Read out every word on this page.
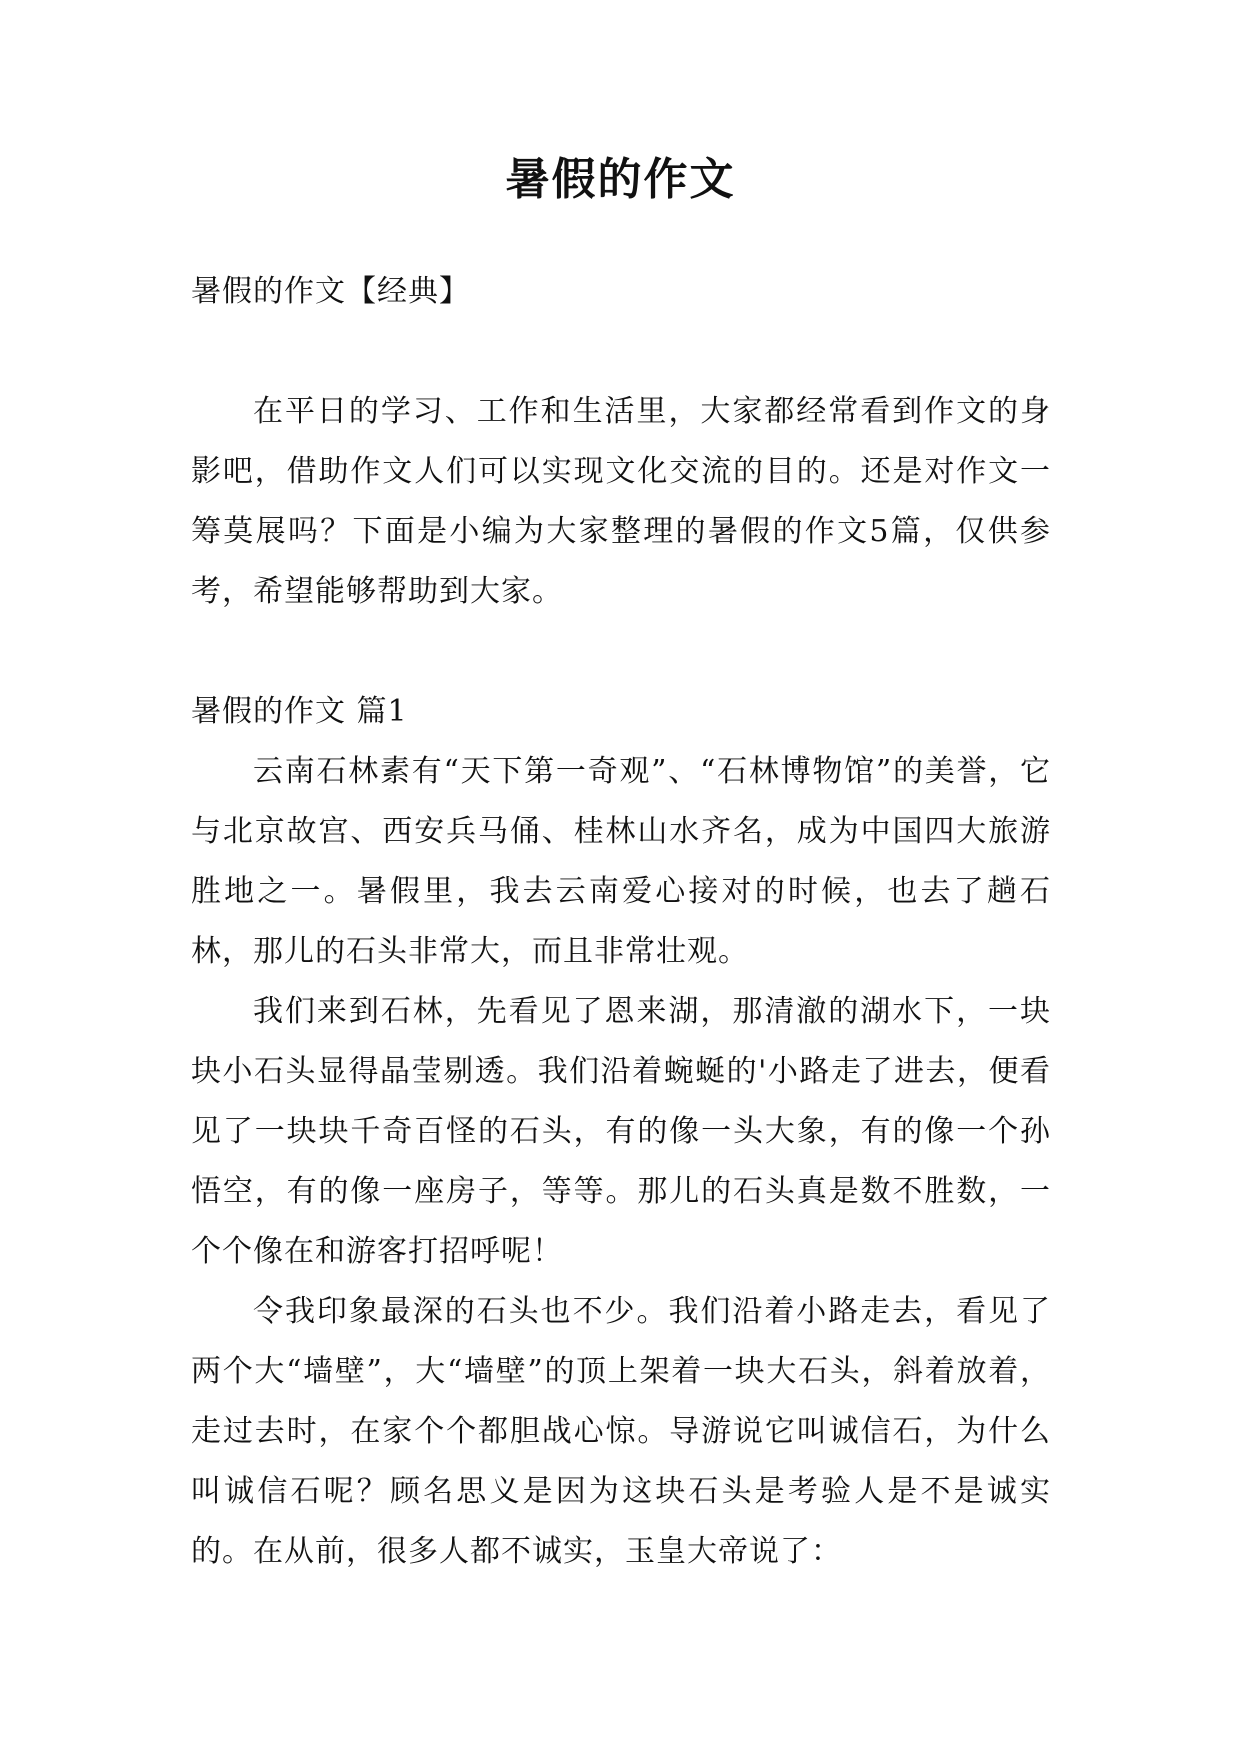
暑假的作文

暑假的作文【经典】

在平日的学习、工作和生活里，大家都经常看到作文的身影吧，借助作文人们可以实现文化交流的目的。还是对作文一筹莫展吗？下面是小编为大家整理的暑假的作文5篇，仅供参考，希望能够帮助到大家。

暑假的作文 篇1

云南石林素有“天下第一奇观”、“石林博物馆”的美誉，它与北京故宫、西安兵马俑、桂林山水齐名，成为中国四大旅游胜地之一。暑假里，我去云南爱心接对的时候，也去了趟石林，那儿的石头非常大，而且非常壮观。

我们来到石林，先看见了恩来湖，那清澈的湖水下，一块块小石头显得晶莹剔透。我们沿着蜿蜒的'小路走了进去，便看见了一块块千奇百怪的石头，有的像一头大象，有的像一个孙悟空，有的像一座房子，等等。那儿的石头真是数不胜数，一个个像在和游客打招呼呢！

令我印象最深的石头也不少。我们沿着小路走去，看见了两个大“墙壁”，大“墙壁”的顶上架着一块大石头，斜着放着，走过去时，在家个个都胆战心惊。导游说它叫诚信石，为什么叫诚信石呢？顾名思义是因为这块石头是考验人是不是诚实的。在从前，很多人都不诚实，玉皇大帝说了：
